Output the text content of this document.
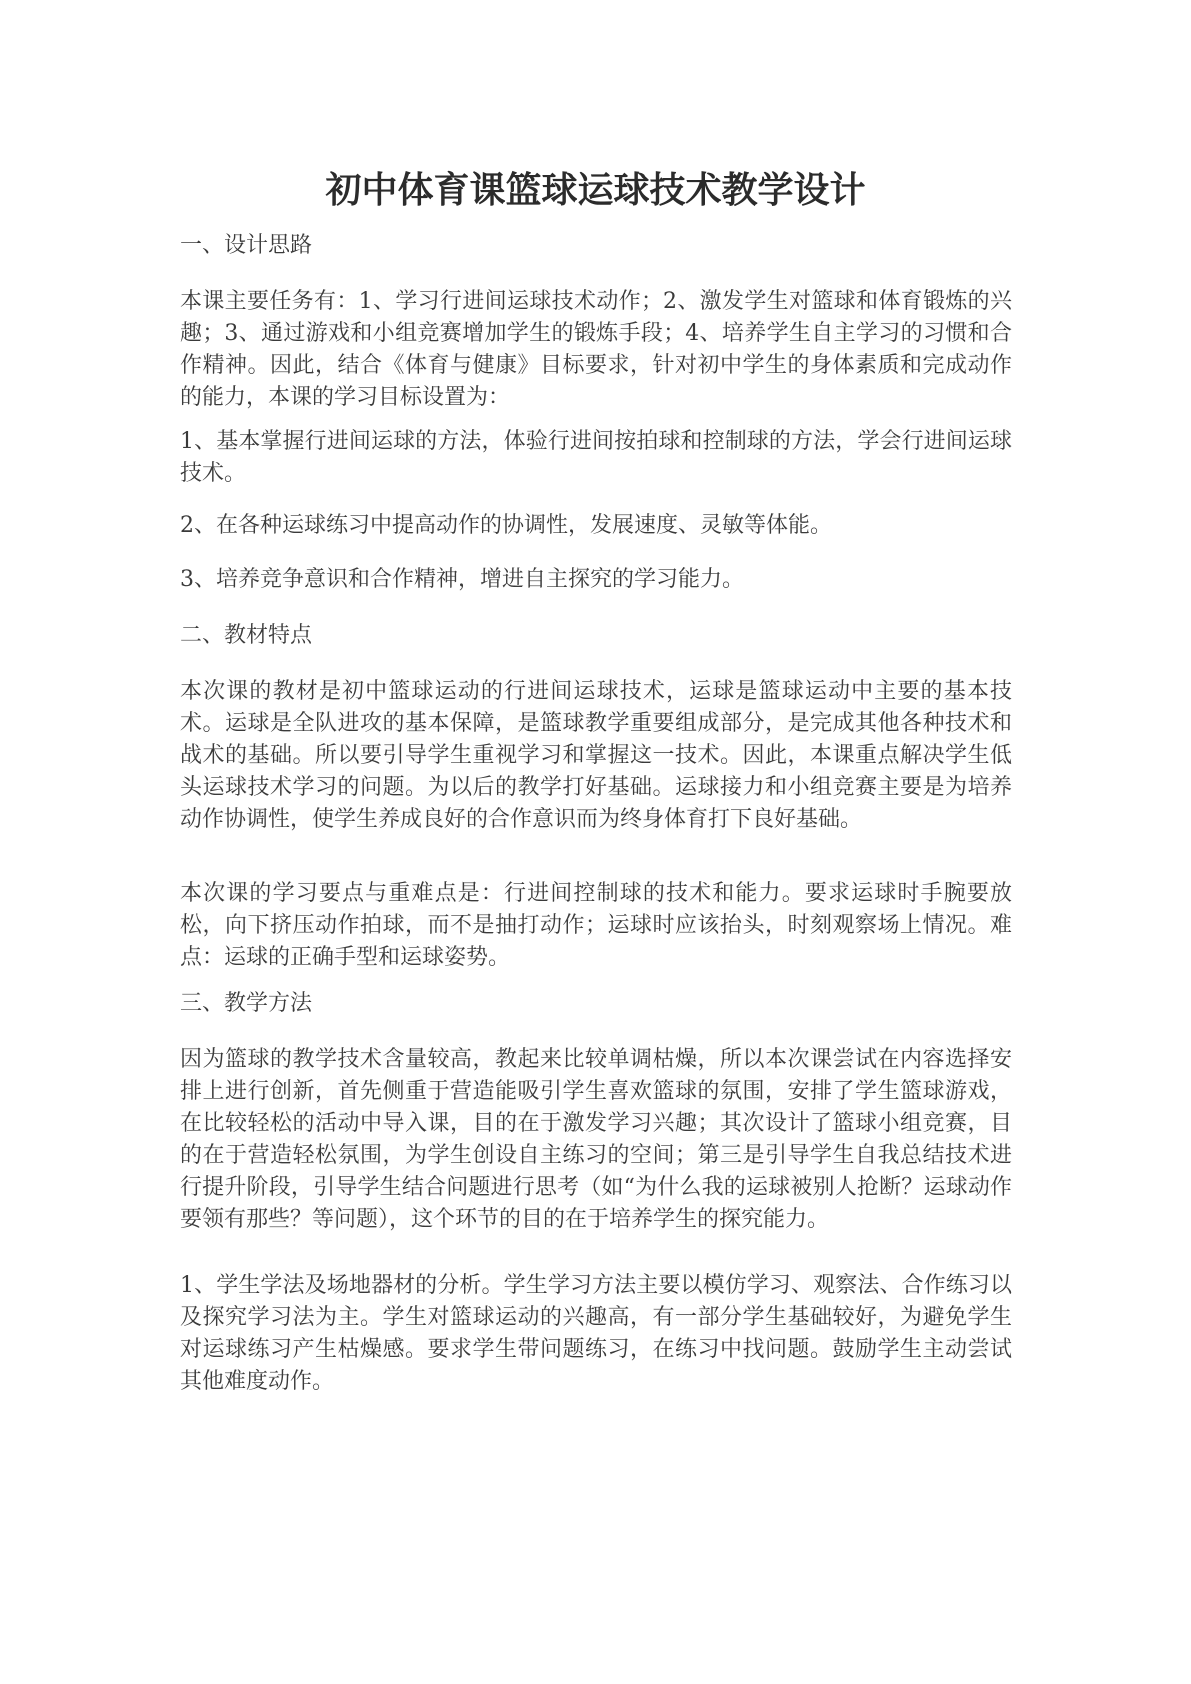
初中体育课篮球运球技术教学设计

一、设计思路

本课主要任务有：1、学习行进间运球技术动作；2、激发学生对篮球和体育锻炼的兴趣；3、通过游戏和小组竞赛增加学生的锻炼手段；4、培养学生自主学习的习惯和合作精神。因此，结合《体育与健康》目标要求，针对初中学生的身体素质和完成动作的能力，本课的学习目标设置为：

1、基本掌握行进间运球的方法，体验行进间按拍球和控制球的方法，学会行进间运球技术。

2、在各种运球练习中提高动作的协调性，发展速度、灵敏等体能。

3、培养竞争意识和合作精神，增进自主探究的学习能力。

二、教材特点

本次课的教材是初中篮球运动的行进间运球技术，运球是篮球运动中主要的基本技术。运球是全队进攻的基本保障，是篮球教学重要组成部分，是完成其他各种技术和战术的基础。所以要引导学生重视学习和掌握这一技术。因此，本课重点解决学生低头运球技术学习的问题。为以后的教学打好基础。运球接力和小组竞赛主要是为培养动作协调性，使学生养成良好的合作意识而为终身体育打下良好基础。

本次课的学习要点与重难点是：行进间控制球的技术和能力。要求运球时手腕要放松，向下挤压动作拍球，而不是抽打动作；运球时应该抬头，时刻观察场上情况。难点：运球的正确手型和运球姿势。

三、教学方法

因为篮球的教学技术含量较高，教起来比较单调枯燥，所以本次课尝试在内容选择安排上进行创新，首先侧重于营造能吸引学生喜欢篮球的氛围，安排了学生篮球游戏，在比较轻松的活动中导入课，目的在于激发学习兴趣；其次设计了篮球小组竞赛，目的在于营造轻松氛围，为学生创设自主练习的空间；第三是引导学生自我总结技术进行提升阶段，引导学生结合问题进行思考（如“为什么我的运球被别人抢断？运球动作要领有那些？等问题），这个环节的目的在于培养学生的探究能力。

1、学生学法及场地器材的分析。学生学习方法主要以模仿学习、观察法、合作练习以及探究学习法为主。学生对篮球运动的兴趣高，有一部分学生基础较好，为避免学生对运球练习产生枯燥感。要求学生带问题练习，在练习中找问题。鼓励学生主动尝试其他难度动作。
